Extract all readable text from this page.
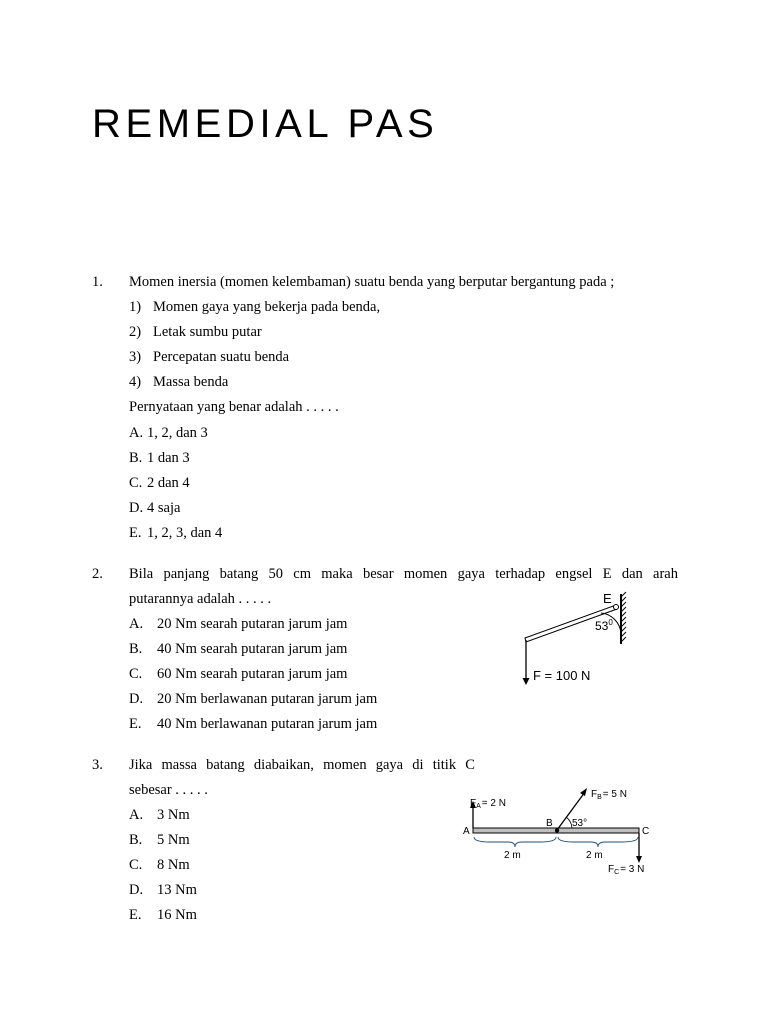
REMEDIAL PAS
1. Momen inersia (momen kelembaman) suatu benda yang berputar bergantung pada ;
1) Momen gaya yang bekerja pada benda,
2) Letak sumbu putar
3) Percepatan suatu benda
4) Massa benda
Pernyataan yang benar adalah . . . . .
A. 1, 2, dan 3
B. 1 dan 3
C. 2 dan 4
D. 4 saja
E. 1, 2, 3, dan 4
2. Bila panjang batang 50 cm maka besar momen gaya terhadap engsel E dan arah
putarannya adalah . . . . .
A. 20 Nm searah putaran jarum jam
B. 40 Nm searah putaran jarum jam
C. 60 Nm searah putaran jarum jam
D. 20 Nm berlawanan putaran jarum jam
E. 40 Nm berlawanan putaran jarum jam
$53^0$
E
F = 100 N
3. Jika massa batang diabaikan, momen gaya di titik C
sebesar . . . . .
A. 3 Nm
B. 5 Nm
C. 8 Nm
D. 13 Nm
E. 16 Nm
$F_A= 2$ N
A
B
C
$F_B= 5$ N
53°
$F_C= 3$ N
2 m	2 m
